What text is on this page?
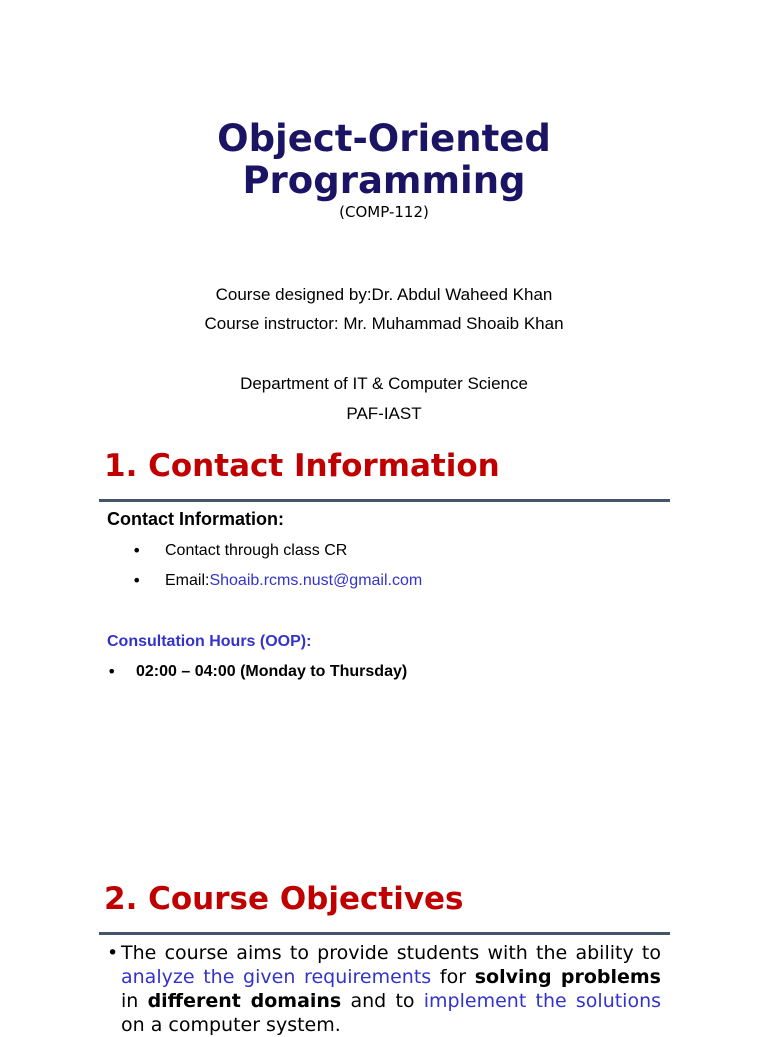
Object-Oriented
Programming
(COMP-112)
Course designed by:Dr. Abdul Waheed Khan
Course instructor: Mr. Muhammad Shoaib Khan
Department of IT & Computer Science
PAF-IAST
1. Contact Information
Contact Information:
• Contact through class CR
• Email:Shoaib.rcms.nust@gmail.com
Consultation Hours (OOP):
• 02:00 – 04:00 (Monday to Thursday)
2. Course Objectives
• The course aims to provide students with the ability to analyze the given requirements for solving problems in different domains and to implement the solutions on a computer system.
